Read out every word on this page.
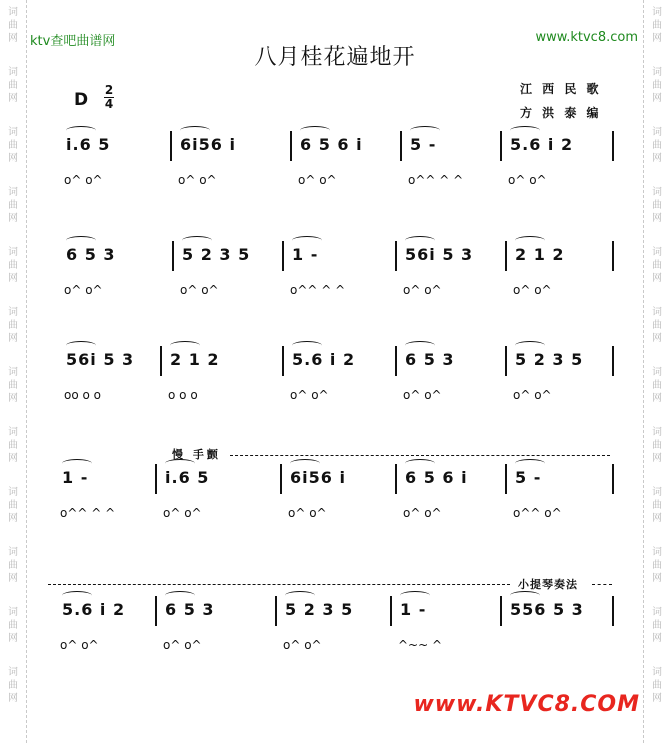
词
曲
网
词
曲
网
词
曲
网
词
曲
网
词
曲
网
词
曲
网
词
曲
网
词
曲
网
词
曲
网
词
曲
网
词
曲
网
词
曲
网
词
曲
网
词
曲
网
词
曲
网
词
曲
网
词
曲
网
词
曲
网
词
曲
网
词
曲
网
词
曲
网
词
曲
网
词
曲
网
词
曲
网
ktv查吧曲谱网	www.ktvc8.com
八月桂花遍地开
江 西 民 歌
方 洪 泰 编
D 2
4
慢 手颤
小提琴奏法
i.6 5
o^ o^
6i56 i
o^ o^
6 5 6 i
o^ o^
5 -
o^^ ^ ^
5.6 i 2
o^ o^
6 5 3
o^ o^
5 2 3 5
o^ o^
1 -
o^^ ^ ^
56i 5 3
o^ o^
2 1 2
o^ o^
56i 5 3
oo o o
2 1 2
o o o
5.6 i 2
o^ o^
6 5 3
o^ o^
5 2 3 5
o^ o^
1 -
o^^ ^ ^
i.6 5
o^ o^
6i56 i
o^ o^
6 5 6 i
o^ o^
5 -
o^^ o^
5.6 i 2
o^ o^
6 5 3
o^ o^
5 2 3 5
o^ o^
1 -
^~~ ^
556 5 3
www.KTVC8.COM
